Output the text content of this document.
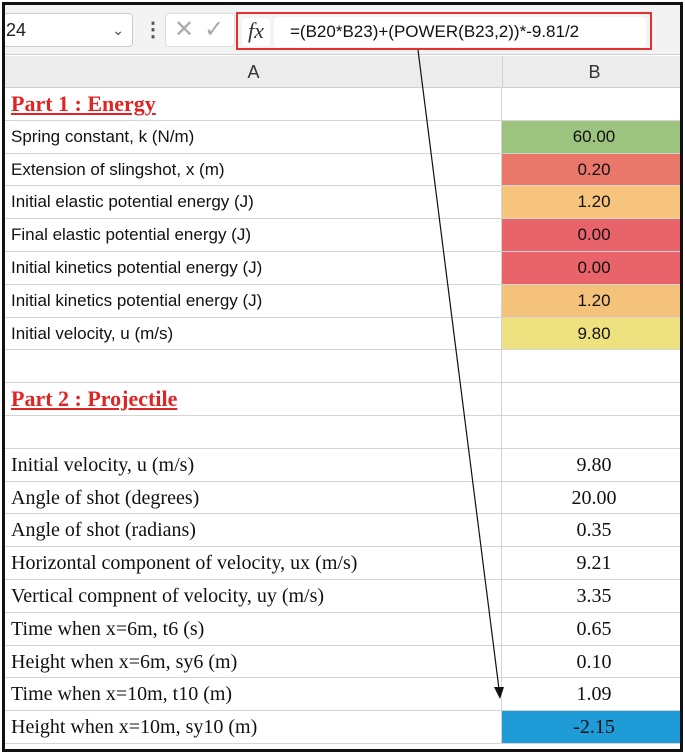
24	⌄ ⋮ ✕✓ fx	=(B20*B23)+(POWER(B23,2))*-9.81/2
A	B
Part 1 : Energy
Spring constant, k (N/m)	60.00
Extension of slingshot, x (m)	0.20
Initial elastic potential energy (J)	1.20
Final elastic potential energy (J)	0.00
Initial kinetics potential energy (J)	0.00
Initial kinetics potential energy (J)	1.20
Initial velocity, u (m/s)	9.80
Part 2 : Projectile
Initial velocity, u (m/s)	9.80
Angle of shot (degrees)	20.00
Angle of shot (radians)	0.35
Horizontal component of velocity, ux (m/s)	9.21
Vertical compnent of velocity, uy (m/s)	3.35
Time when x=6m, t6 (s)	0.65
Height when x=6m, sy6 (m)	0.10
Time when x=10m, t10 (m)	1.09
Height when x=10m, sy10 (m)	-2.15
